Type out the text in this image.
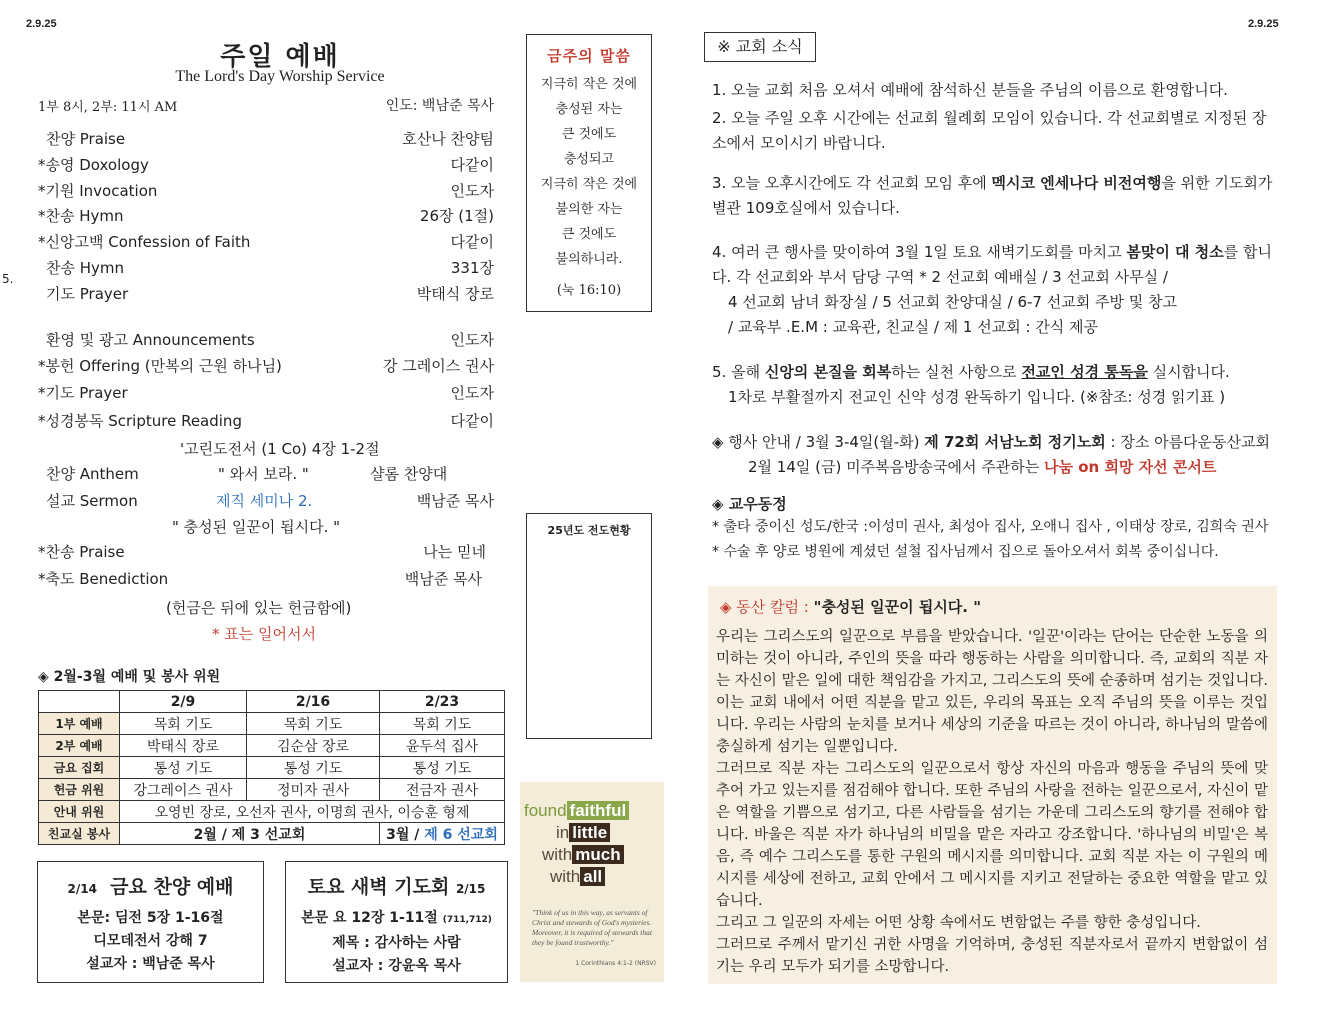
2.9.25	2.9.25
5.
주일 예배
The Lord's Day Worship Service
1부 8시, 2부: 11시 AM	인도: 백남준 목사
찬양 Praise	호산나 찬양팀
*송영 Doxology	다같이
*기원 Invocation	인도자
*찬송 Hymn	26장 (1절)
*신앙고백 Confession of Faith	다같이
찬송 Hymn	331장
기도 Prayer	박태식 장로
환영 및 광고 Announcements	인도자
*봉헌 Offering (만복의 근원 하나님)	강 그레이스 권사
*기도 Prayer	인도자
*성경봉독 Scripture Reading	다같이
'고린도전서 (1 Co) 4장 1-2절
찬양 Anthem	" 와서 보라. "	샬롬 찬양대
설교 Sermon	제직 세미나 2.	백남준 목사
" 충성된 일꾼이 됩시다. "
*찬송 Praise	나는 믿네
*축도 Benediction	백남준 목사
(헌금은 뒤에 있는 헌금함에)
* 표는 일어서서
금주의 말씀
지극히 작은 것에
충성된 자는
큰 것에도
충성되고
지극히 작은 것에
불의한 자는
큰 것에도
불의하니라.
(눅 16:10)
25년도 전도현황
◈ 2월-3월 예배 및 봉사 위원
	2/9	2/16	2/23
1부 예배	목회 기도	목회 기도	목회 기도
2부 예배	박태식 장로	김순삼 장로	윤두석 집사
금요 집회	통성 기도	통성 기도	통성 기도
헌금 위원	강그레이스 권사	정미자 권사	전금자 권사
안내 위원	오영빈 장로, 오선자 권사, 이명희 권사, 이승훈 형제		
친교실 봉사	2월 / 제 3 선교회		3월 / 제 6 선교회
2/14 금요 찬양 예배
본문: 딤전 5장 1-16절
디모데전서 강해 7
설교자 : 백남준 목사
토요 새벽 기도회 2/15
본문 요 12장 1-11절 (711,712)
제목 : 감사하는 사람
설교자 : 강윤옥 목사
found faithful
in little
with much
with all
"Think of us in this way, as servants of Christ and stewards of God's mysteries. Moreover, it is required of stewards that they be found trustworthy."
1 Corinthians 4:1-2 (NRSV)
※ 교회 소식
1. 오늘 교회 처음 오셔서 예배에 참석하신 분들을 주님의 이름으로 환영합니다.
2. 오늘 주일 오후 시간에는 선교회 월례회 모임이 있습니다. 각 선교회별로 지정된 장소에서 모이시기 바랍니다.
3. 오늘 오후시간에도 각 선교회 모임 후에 멕시코 엔세나다 비전여행을 위한 기도회가 별관 109호실에서 있습니다.
4. 여러 큰 행사를 맞이하여 3월 1일 토요 새벽기도회를 마치고 봄맞이 대 청소를 합니다. 각 선교회와 부서 담당 구역 * 2 선교회 예배실 / 3 선교회 사무실 /
4 선교회 남녀 화장실 / 5 선교회 찬양대실 / 6-7 선교회 주방 및 창고
/ 교육부 .E.M : 교육관, 친교실 / 제 1 선교회 : 간식 제공
5. 올해 신앙의 본질을 회복하는 실천 사항으로 전교인 성경 통독을 실시합니다.
1차로 부활절까지 전교인 신약 성경 완독하기 입니다. (※참조: 성경 읽기표 )
◈ 행사 안내 / 3월 3-4일(월-화) 제 72회 서남노회 정기노회 : 장소 아름다운동산교회
2월 14일 (금) 미주복음방송국에서 주관하는 나눔 on 희망 자선 콘서트
◈ 교우동정
* 출타 중이신 성도/한국 :이성미 권사, 최성아 집사, 오애니 집사 , 이태상 장로, 김희숙 권사
* 수술 후 양로 병원에 계셨던 설철 집사님께서 집으로 돌아오셔서 회복 중이십니다.
◈ 동산 칼럼 : "충성된 일꾼이 됩시다. "
우리는 그리스도의 일꾼으로 부름을 받았습니다. '일꾼'이라는 단어는 단순한 노동을 의미하는 것이 아니라, 주인의 뜻을 따라 행동하는 사람을 의미합니다. 즉, 교회의 직분 자는 자신이 맡은 일에 대한 책임감을 가지고, 그리스도의 뜻에 순종하며 섬기는 것입니다. 이는 교회 내에서 어떤 직분을 맡고 있든, 우리의 목표는 오직 주님의 뜻을 이루는 것입니다. 우리는 사람의 눈치를 보거나 세상의 기준을 따르는 것이 아니라, 하나님의 말씀에 충실하게 섬기는 일뿐입니다.
그러므로 직분 자는 그리스도의 일꾼으로서 항상 자신의 마음과 행동을 주님의 뜻에 맞추어 가고 있는지를 점검해야 합니다. 또한 주님의 사랑을 전하는 일꾼으로서, 자신이 맡은 역할을 기쁨으로 섬기고, 다른 사람들을 섬기는 가운데 그리스도의 향기를 전해야 합니다. 바울은 직분 자가 하나님의 비밀을 맡은 자라고 강조합니다. '하나님의 비밀'은 복음, 즉 예수 그리스도를 통한 구원의 메시지를 의미합니다. 교회 직분 자는 이 구원의 메시지를 세상에 전하고, 교회 안에서 그 메시지를 지키고 전달하는 중요한 역할을 맡고 있습니다.
그리고 그 일꾼의 자세는 어떤 상황 속에서도 변함없는 주를 향한 충성입니다.
그러므로 주께서 맡기신 귀한 사명을 기억하며, 충성된 직분자로서 끝까지 변함없이 섬기는 우리 모두가 되기를 소망합니다.
